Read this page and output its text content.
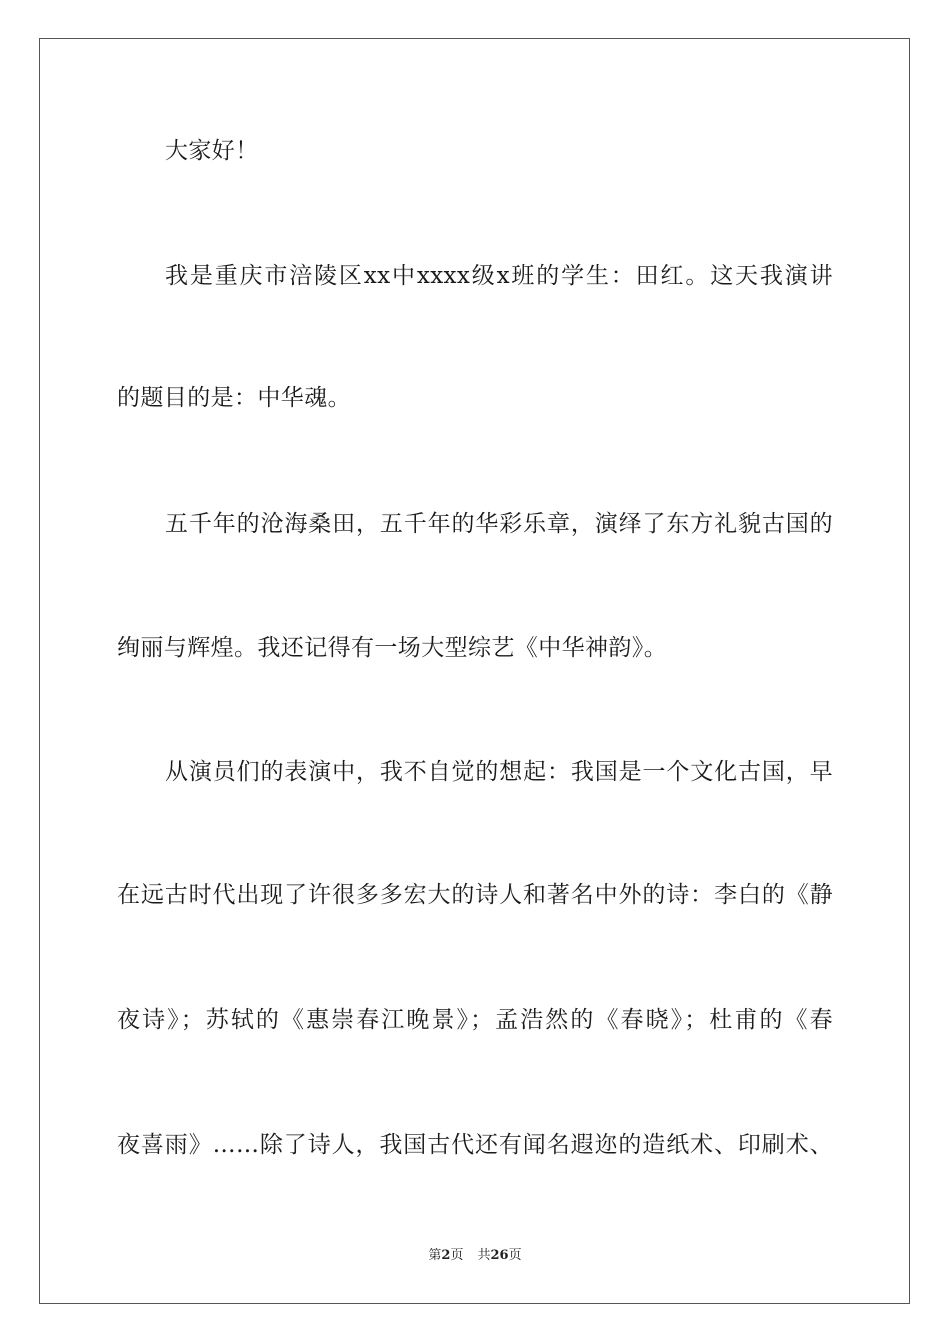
大家好！
我是重庆市涪陵区xx中xxxx级x班的学生：田红。这天我演讲
的题目的是：中华魂。
五千年的沧海桑田，五千年的华彩乐章，演绎了东方礼貌古国的
绚丽与辉煌。我还记得有一场大型综艺《中华神韵》。
从演员们的表演中，我不自觉的想起：我国是一个文化古国，早
在远古时代出现了许很多多宏大的诗人和著名中外的诗：李白的《静
夜诗》；苏轼的《惠崇春江晚景》；孟浩然的《春晓》；杜甫的《春
夜喜雨》……除了诗人，我国古代还有闻名遐迩的造纸术、印刷术、
第2页 共26页
